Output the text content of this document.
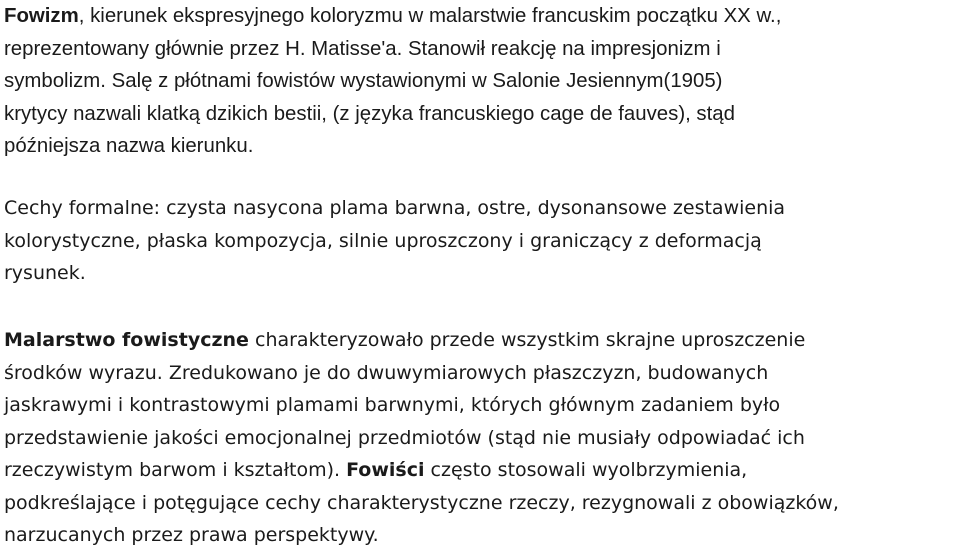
Fowizm, kierunek ekspresyjnego koloryzmu w malarstwie francuskim początku XX w.,
reprezentowany głównie przez H. Matisse'a. Stanowił reakcję na impresjonizm i
symbolizm. Salę z płótnami fowistów wystawionymi w Salonie Jesiennym(1905)
krytycy nazwali klatką dzikich bestii, (z języka francuskiego cage de fauves), stąd
późniejsza nazwa kierunku.

Cechy formalne: czysta nasycona plama barwna, ostre, dysonansowe zestawienia
kolorystyczne, płaska kompozycja, silnie uproszczony i graniczący z deformacją
rysunek.

Malarstwo fowistyczne charakteryzowało przede wszystkim skrajne uproszczenie
środków wyrazu. Zredukowano je do dwuwymiarowych płaszczyzn, budowanych
jaskrawymi i kontrastowymi plamami barwnymi, których głównym zadaniem było
przedstawienie jakości emocjonalnej przedmiotów (stąd nie musiały odpowiadać ich
rzeczywistym barwom i kształtom). Fowiści często stosowali wyolbrzymienia,
podkreślające i potęgujące cechy charakterystyczne rzeczy, rezygnowali z obowiązków,
narzucanych przez prawa perspektywy.
